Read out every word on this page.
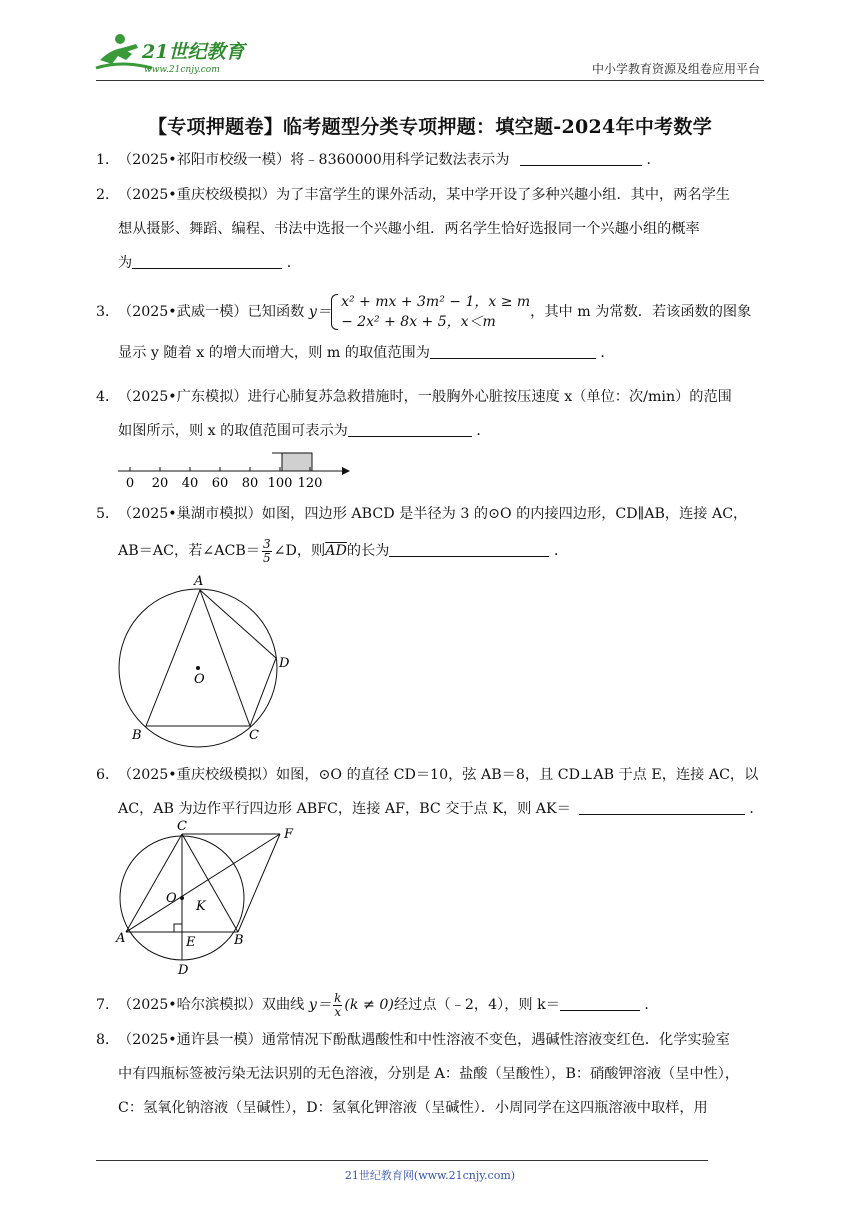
21世纪教育
www.21cnjy.com	中小学教育资源及组卷应用平台
【专项押题卷】临考题型分类专项押题：填空题-2024年中考数学
1．（2025•祁阳市校级一模）将﹣8360000用科学记数法表示为	．
2．（2025•重庆校级模拟）为了丰富学生的课外活动，某中学开设了多种兴趣小组．其中，两名学生
想从摄影、舞蹈、编程、书法中选报一个兴趣小组．两名学生恰好选报同一个兴趣小组的概率
为	．
3．（2025•武威一模）已知函数 y＝
x² + mx + 3m² − 1，x ≥ m
− 2x² + 8x + 5，x＜m
，其中 m 为常数．若该函数的图象
显示 y 随着 x 的增大而增大，则 m 的取值范围为	．
4．（2025•广东模拟）进行心肺复苏急救措施时，一般胸外心脏按压速度 x（单位：次/min）的范围
如图所示，则 x 的取值范围可表示为	．
0 20 40 60 80 100 120
5．（2025•巢湖市模拟）如图，四边形 ABCD 是半径为 3 的⊙O 的内接四边形，CD∥AB，连接 AC，
AB＝AC，若∠ACB＝ $\frac{3}{5}$ ∠D，则$\overline{AD}$的长为	．
A
B	C
D
O
6．（2025•重庆校级模拟）如图，⊙O 的直径 CD＝10，弦 AB＝8，且 CD⊥AB 于点 E，连接 AC，以
AC，AB 为边作平行四边形 ABFC，连接 AF，BC 交于点 K，则 AK＝	．
C
F
O
K
A	E	B
D
7．（2025•哈尔滨模拟）双曲线 $y= \frac{k}{x} (k \ne 0)$经过点（﹣2，4），则 k＝	．
8．（2025•通许县一模）通常情况下酚酞遇酸性和中性溶液不变色，遇碱性溶液变红色．化学实验室
中有四瓶标签被污染无法识别的无色溶液，分别是 A：盐酸（呈酸性），B：硝酸钾溶液（呈中性），
C：氢氧化钠溶液（呈碱性），D：氢氧化钾溶液（呈碱性）．小周同学在这四瓶溶液中取样，用
21世纪教育网(www.21cnjy.com)
